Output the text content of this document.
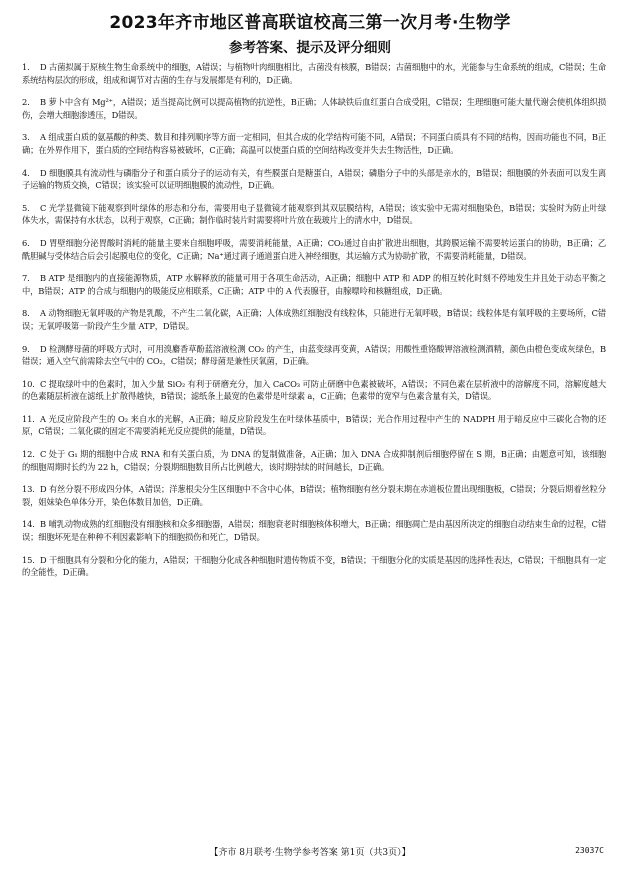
2023年齐市地区普高联谊校高三第一次月考·生物学
参考答案、提示及评分细则

1. D 古菌拟属于原核生物生命系统中的细胞，A错误；与植物叶肉细胞相比，古菌没有核膜，B错误；古菌细胞中的水，光能参与生命系统的组成，C错误；生命系统结构层次的形成，组成和调节对古菌的生存与发展都是有利的，D正确。

2. B 萝卜中含有 Mg²⁺，A错误；适当提高比例可以提高植物的抗逆性，B正确；人体缺铁后血红蛋白合成受阻，C错误；生理细胞可能大量代谢会使机体组织损伤，会增大细胞渗透压，D错误。

3. A 组成蛋白质的氨基酸的种类、数目和排列顺序等方面一定相同，但其合成的化学结构可能不同，A错误；不同蛋白质具有不同的结构，因而功能也不同，B正确；在外界作用下，蛋白质的空间结构容易被破坏，C正确；高温可以使蛋白质的空间结构改变并失去生物活性，D正确。

4. D 细胞膜具有流动性与磷脂分子和蛋白质分子的运动有关，有些膜蛋白是糖蛋白，A错误；磷脂分子中的头部是亲水的，B错误；细胞膜的外表面可以发生离子运输的物质交换，C错误；该实验可以证明细胞膜的流动性，D正确。

5. C 光学显微镜下能观察到叶绿体的形态和分布，需要用电子显微镜才能观察到其双层膜结构，A错误；该实验中无需对细胞染色，B错误；实验时为防止叶绿体失水，需保持有水状态，以利于观察，C正确；制作临时装片时需要将叶片放在载玻片上的清水中，D错误。

6. D 胃壁细胞分泌胃酸时消耗的能量主要来自细胞呼吸，需要消耗能量，A正确；CO₂通过自由扩散进出细胞，其跨膜运输不需要转运蛋白的协助，B正确；乙酰胆碱与受体结合后会引起膜电位的变化，C正确；Na⁺通过离子通道蛋白进入神经细胞，其运输方式为协助扩散，不需要消耗能量，D错误。

7. B ATP 是细胞内的直接能源物质，ATP 水解释放的能量可用于各项生命活动，A正确；细胞中 ATP 和 ADP 的相互转化时刻不停地发生并且处于动态平衡之中，B错误；ATP 的合成与细胞内的吸能反应相联系，C正确；ATP 中的 A 代表腺苷，由腺嘌呤和核糖组成，D正确。

8. A 动物细胞无氧呼吸的产物是乳酸，不产生二氧化碳，A正确；人体成熟红细胞没有线粒体，只能进行无氧呼吸，B错误；线粒体是有氧呼吸的主要场所，C错误；无氧呼吸第一阶段产生少量 ATP，D错误。

9. D 检测酵母菌的呼吸方式时，可用溴麝香草酚蓝溶液检测 CO₂ 的产生，由蓝变绿再变黄，A错误；用酸性重铬酸钾溶液检测酒精，颜色由橙色变成灰绿色，B错误；通入空气前需除去空气中的 CO₂，C错误；酵母菌是兼性厌氧菌，D正确。

10. C 提取绿叶中的色素时，加入少量 SiO₂ 有利于研磨充分，加入 CaCO₃ 可防止研磨中色素被破坏，A错误；不同色素在层析液中的溶解度不同，溶解度越大的色素随层析液在滤纸上扩散得越快，B错误；滤纸条上最宽的色素带是叶绿素 a，C正确；色素带的宽窄与色素含量有关，D错误。

11. A 光反应阶段产生的 O₂ 来自水的光解，A正确；暗反应阶段发生在叶绿体基质中，B错误；光合作用过程中产生的 NADPH 用于暗反应中三碳化合物的还原，C错误；二氧化碳的固定不需要消耗光反应提供的能量，D错误。

12. C 处于 G₁ 期的细胞中合成 RNA 和有关蛋白质，为 DNA 的复制做准备，A正确；加入 DNA 合成抑制剂后细胞停留在 S 期，B正确；由题意可知，该细胞的细胞周期时长约为 22 h，C错误；分裂期细胞数目所占比例越大，该时期持续的时间越长，D正确。

13. D 有丝分裂不形成四分体，A错误；洋葱根尖分生区细胞中不含中心体，B错误；植物细胞有丝分裂末期在赤道板位置出现细胞板，C错误；分裂后期着丝粒分裂，姐妹染色单体分开，染色体数目加倍，D正确。

14. B 哺乳动物成熟的红细胞没有细胞核和众多细胞器，A错误；细胞衰老时细胞核体积增大，B正确；细胞凋亡是由基因所决定的细胞自动结束生命的过程，C错误；细胞坏死是在种种不利因素影响下的细胞损伤和死亡，D错误。

15. D 干细胞具有分裂和分化的能力，A错误；干细胞分化成各种细胞时遗传物质不变，B错误；干细胞分化的实质是基因的选择性表达，C错误；干细胞具有一定的全能性，D正确。

【齐市 8月联考·生物学参考答案 第1页（共3页）】	23037C
